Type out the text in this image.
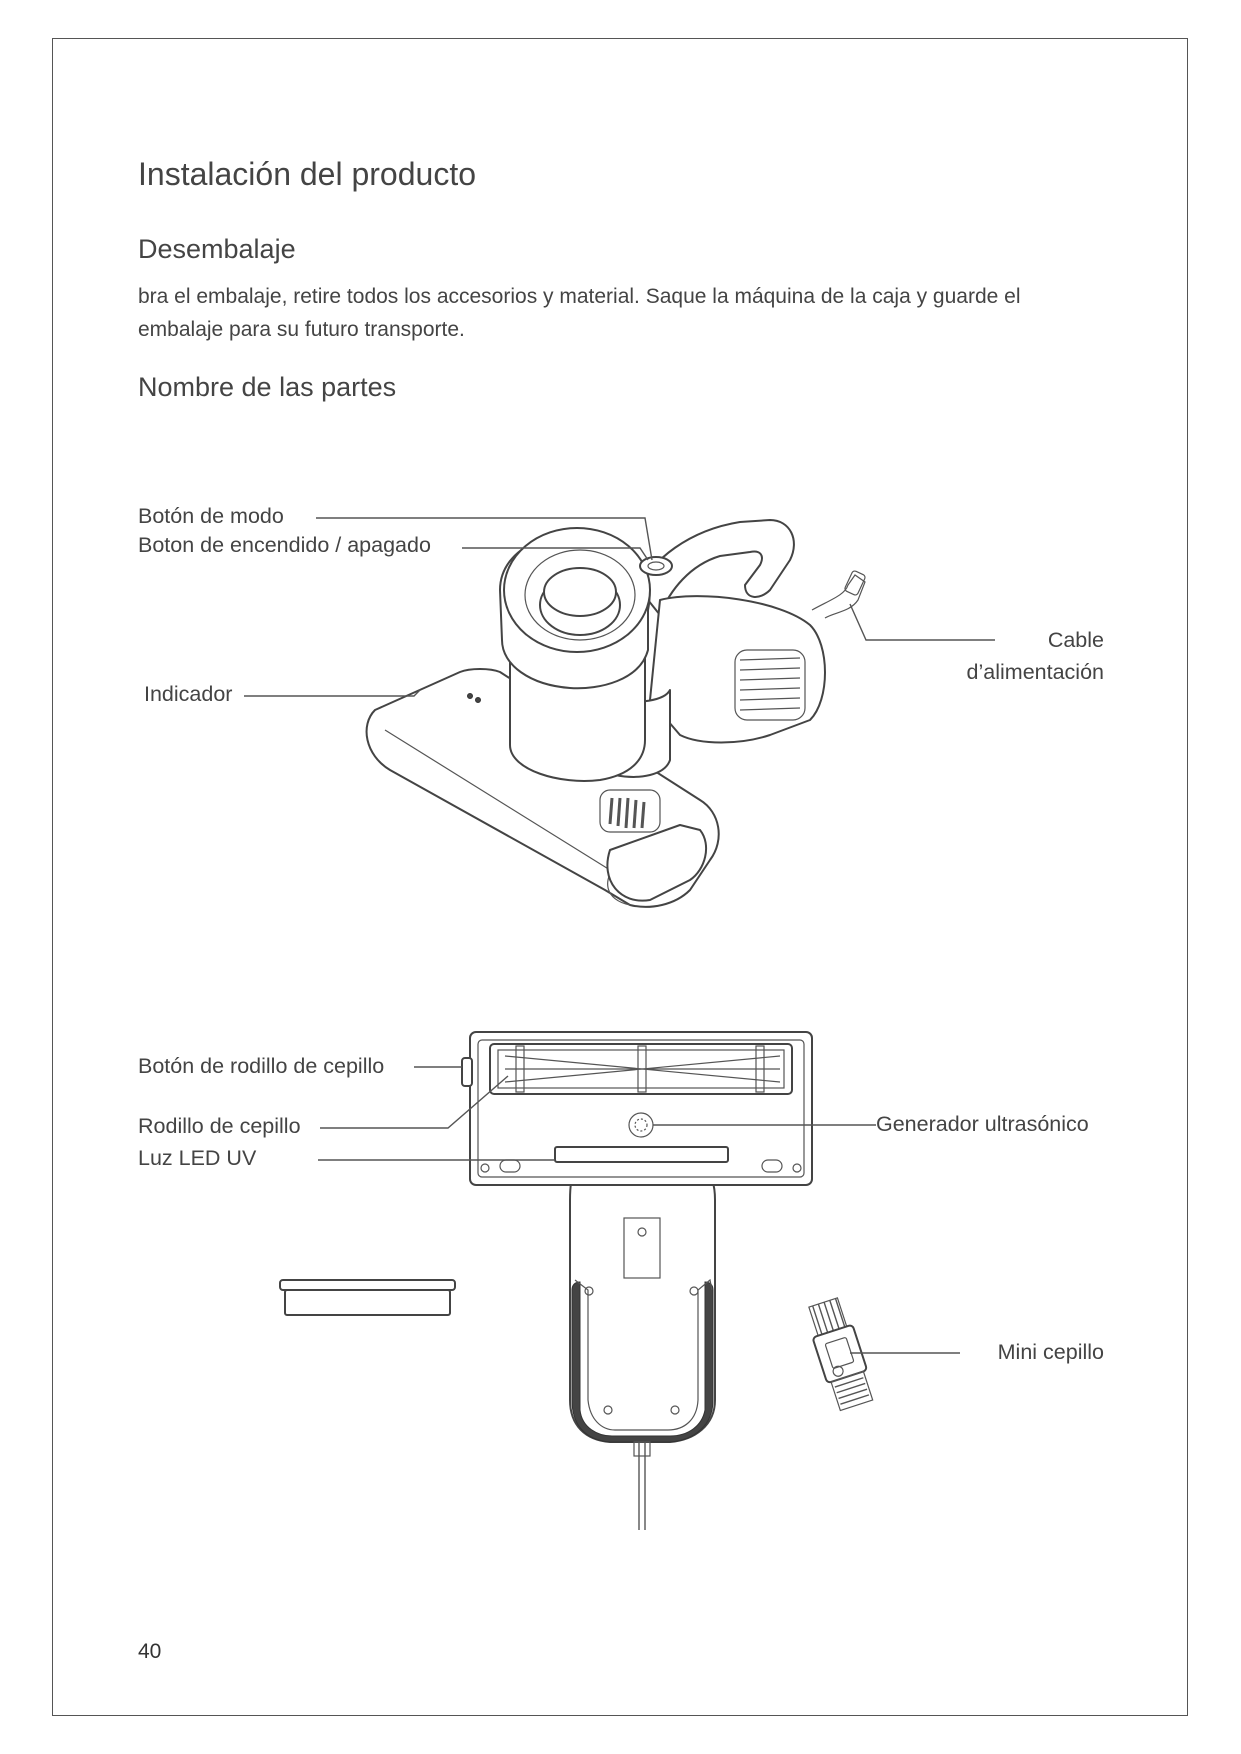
Instalación del producto
Desembalaje

bra el embalaje, retire todos los accesorios y material. Saque la máquina de la caja y guarde el embalaje para su futuro transporte.

Nombre de las partes
Botón de modo
Boton de encendido / apagado
Indicador
Cable
d’alimentación
Botón de rodillo de cepillo
Rodillo de cepillo
Luz LED UV
Generador ultrasónico
Mini cepillo
40
